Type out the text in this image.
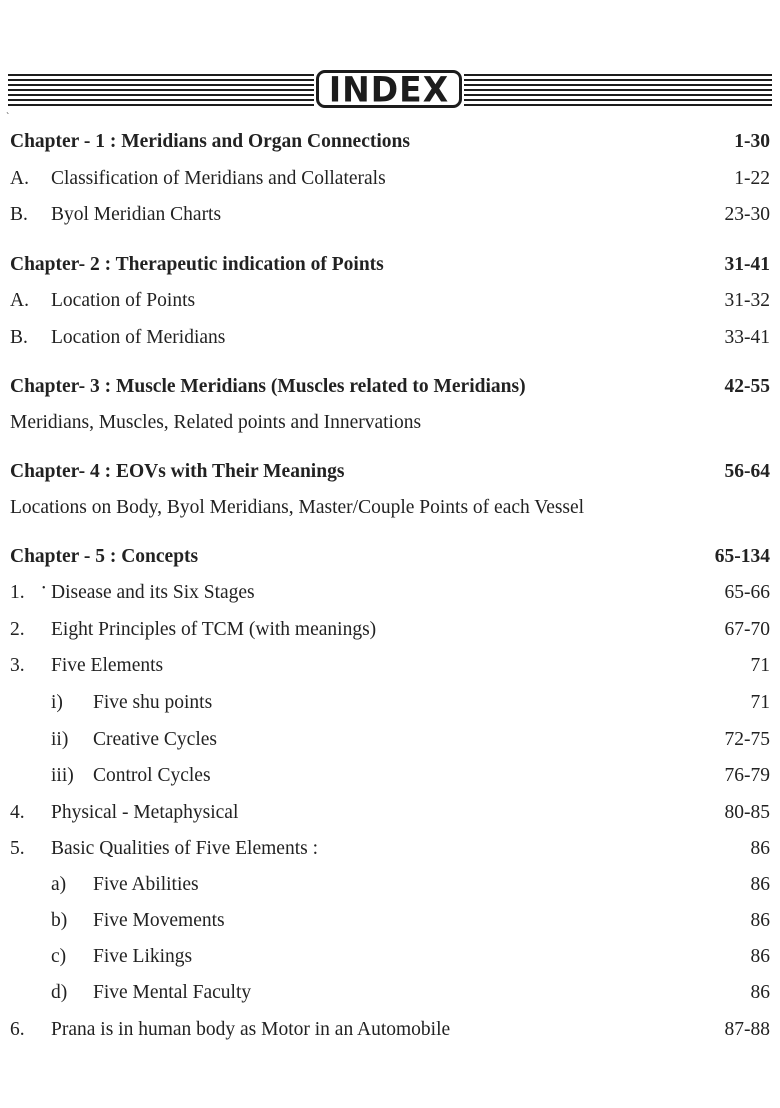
INDEX
`
Chapter - 1 : Meridians and Organ Connections	1-30
A. Classification of Meridians and Collaterals	1-22
B. Byol Meridian Charts	23-30
Chapter- 2 : Therapeutic indication of Points	31-41
A. Location of Points	31-32
B. Location of Meridians	33-41
Chapter- 3 : Muscle Meridians (Muscles related to Meridians)	42-55
Meridians, Muscles, Related points and Innervations
Chapter- 4 : EOVs with Their Meanings	56-64
Locations on Body, Byol Meridians, Master/Couple Points of each Vessel
Chapter - 5 : Concepts	65-134
•
1. Disease and its Six Stages	65-66
2. Eight Principles of TCM (with meanings)	67-70
3. Five Elements	71
i) Five shu points	71
ii) Creative Cycles	72-75
iii) Control Cycles	76-79
4. Physical - Metaphysical	80-85
5. Basic Qualities of Five Elements :	86
a) Five Abilities	86
b) Five Movements	86
c) Five Likings	86
d) Five Mental Faculty	86
6. Prana is in human body as Motor in an Automobile	87-88
